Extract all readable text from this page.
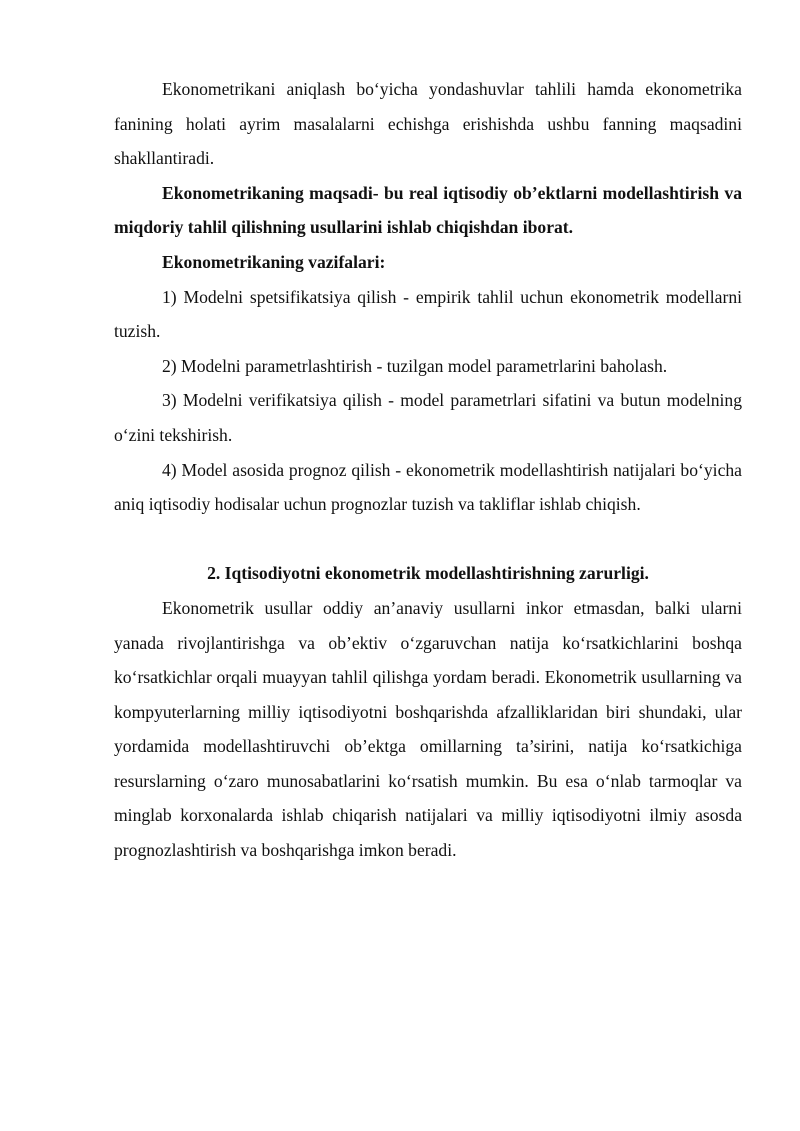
Ekonometrikani aniqlash bo‘yicha yondashuvlar tahlili hamda ekonometrika fanining holati ayrim masalalarni echishga erishishda ushbu fanning maqsadini shakllantiradi.

Ekonometrikaning maqsadi- bu real iqtisodiy ob’ektlarni modellashtirish va miqdoriy tahlil qilishning usullarini ishlab chiqishdan iborat.

Ekonometrikaning vazifalari:

1) Modelni spetsifikatsiya qilish - empirik tahlil uchun ekonometrik modellarni tuzish.

2) Modelni parametrlashtirish - tuzilgan model parametrlarini baholash.

3) Modelni verifikatsiya qilish - model parametrlari sifatini va butun modelning o‘zini tekshirish.

4) Model asosida prognoz qilish - ekonometrik modellashtirish natijalari bo‘yicha aniq iqtisodiy hodisalar uchun prognozlar tuzish va takliflar ishlab chiqish.

2. Iqtisodiyotni ekonometrik modellashtirishning zarurligi.

Ekonometrik usullar oddiy an’anaviy usullarni inkor etmasdan, balki ularni yanada rivojlantirishga va ob’ektiv o‘zgaruvchan natija ko‘rsatkichlarini boshqa ko‘rsatkichlar orqali muayyan tahlil qilishga yordam beradi. Ekonometrik usullarning va kompyuterlarning milliy iqtisodiyotni boshqarishda afzalliklaridan biri shundaki, ular yordamida modellashtiruvchi ob’ektga omillarning ta’sirini, natija ko‘rsatkichiga resurslarning o‘zaro munosabatlarini ko‘rsatish mumkin. Bu esa o‘nlab tarmoqlar va minglab korxonalarda ishlab chiqarish natijalari va milliy iqtisodiyotni ilmiy asosda prognozlashtirish va boshqarishga imkon beradi.
